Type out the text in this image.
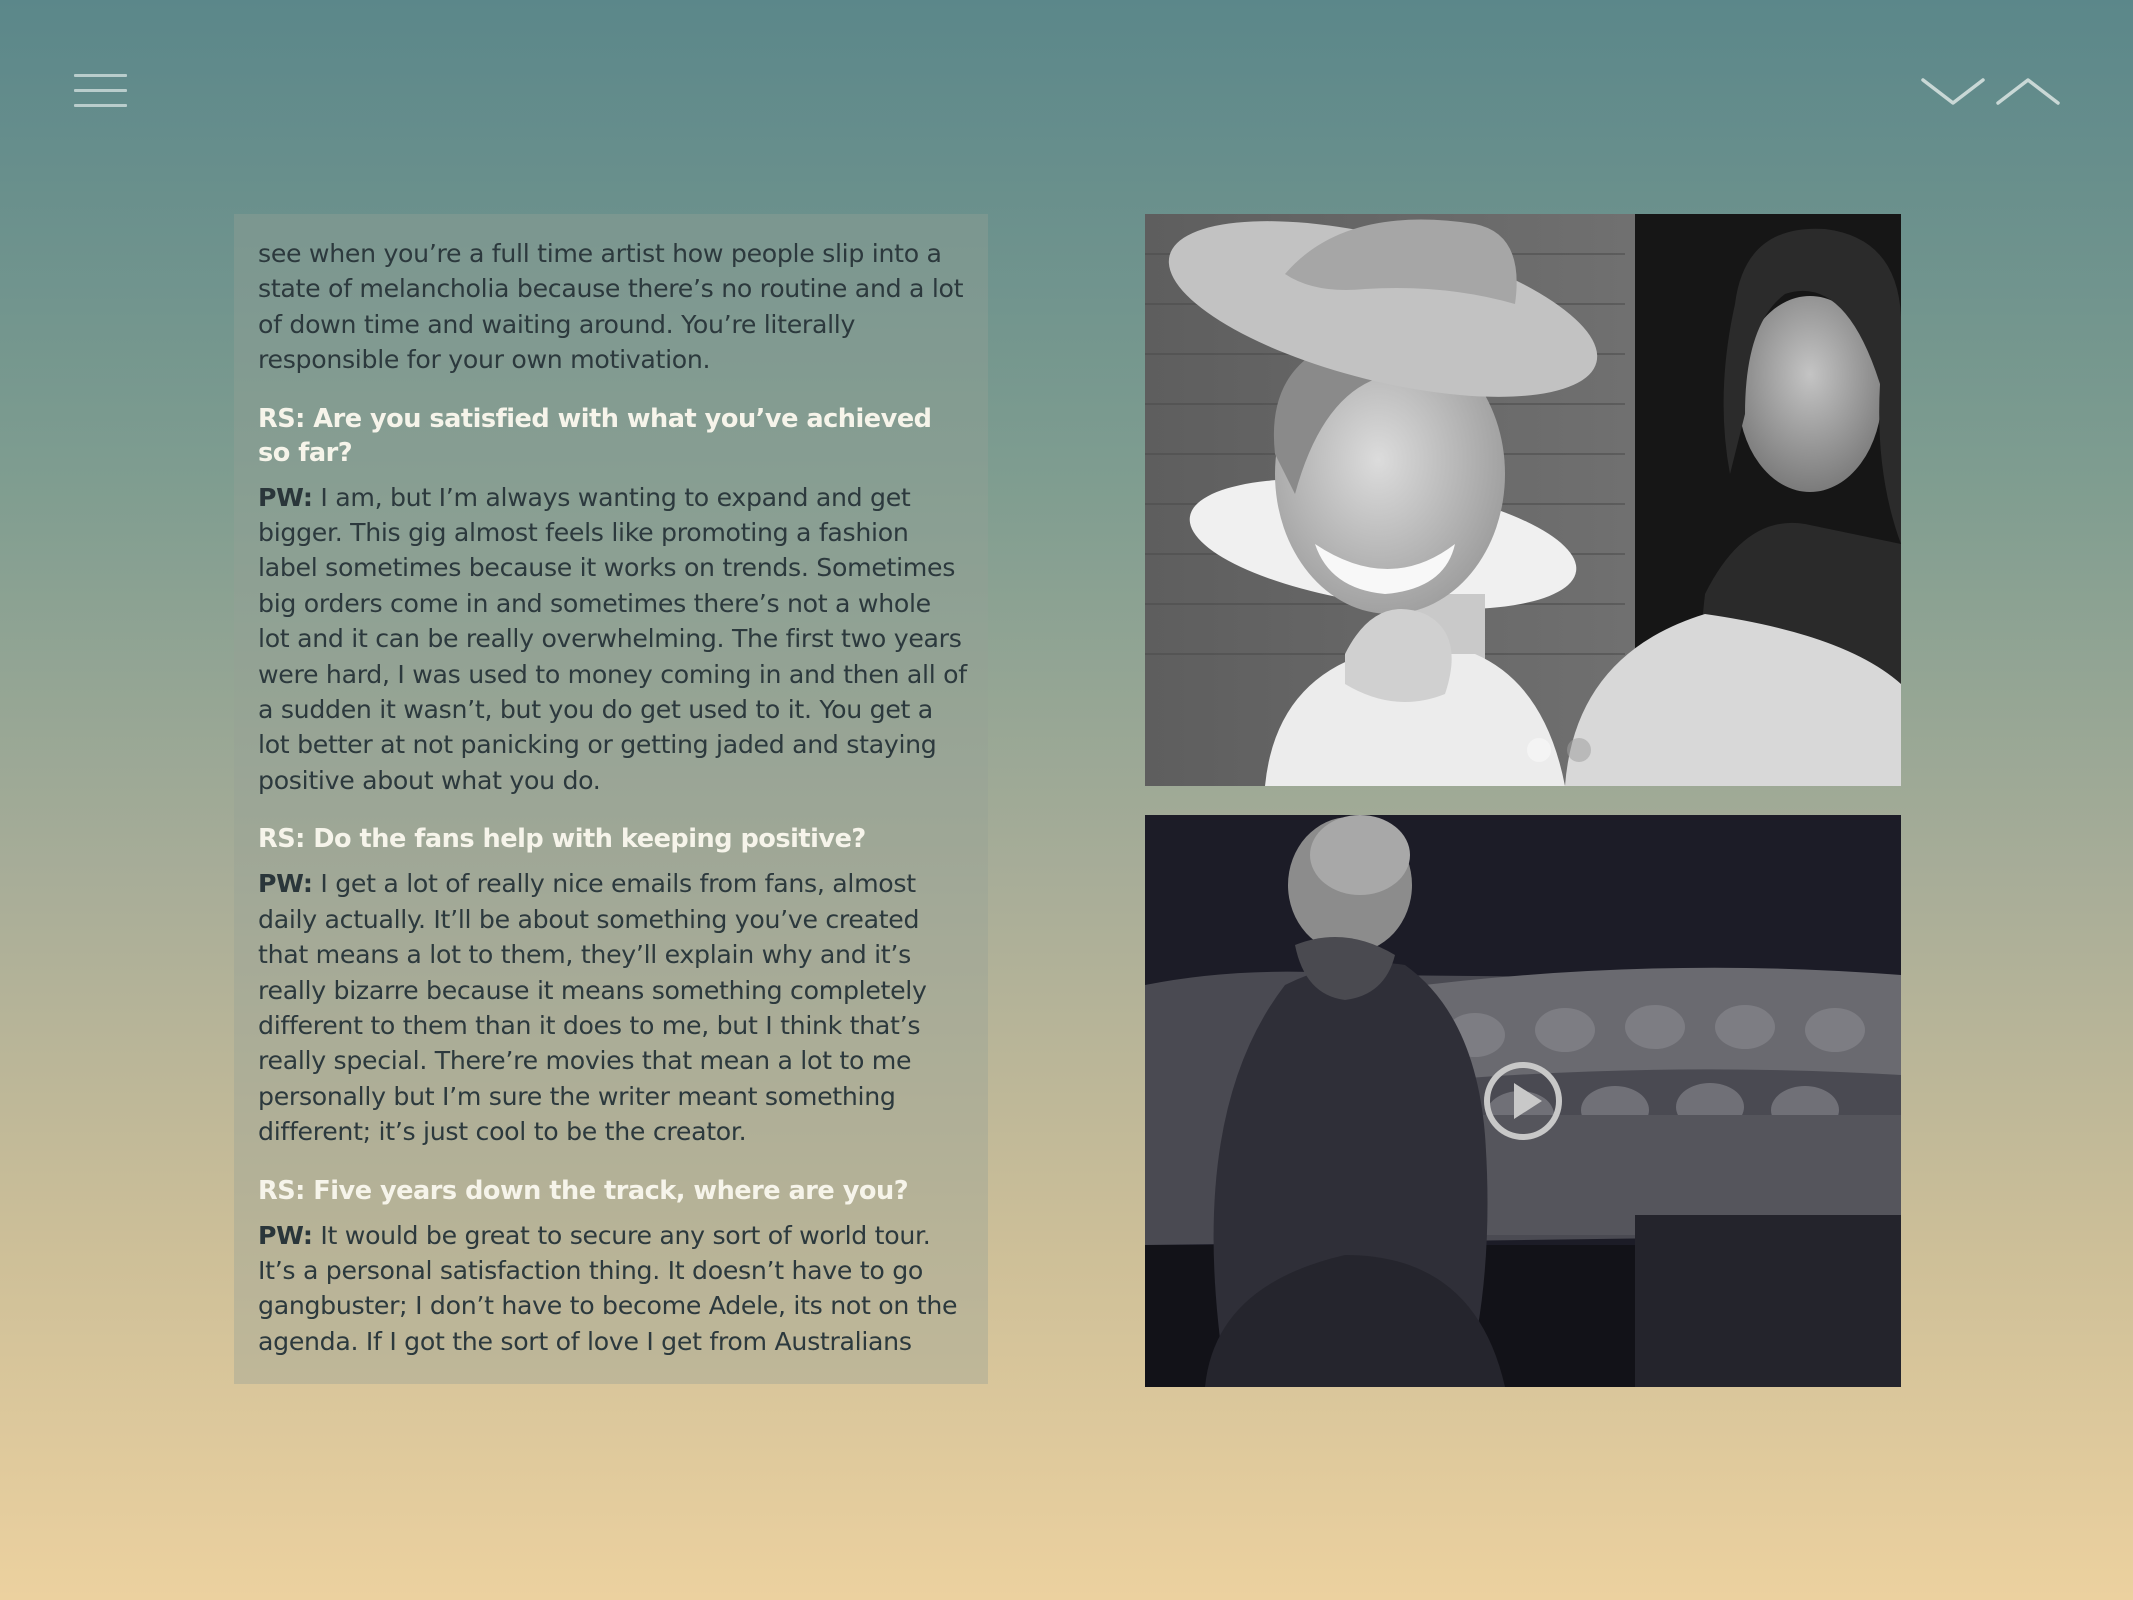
see when you’re a full time artist how people slip into a state of melancholia because there’s no routine and a lot of down time and waiting around. You’re literally responsible for your own motivation.

RS: Are you satisfied with what you’ve achieved so far?

PW: I am, but I’m always wanting to expand and get bigger. This gig almost feels like promoting a fashion label sometimes because it works on trends. Sometimes big orders come in and sometimes there’s not a whole lot and it can be really overwhelming. The first two years were hard, I was used to money coming in and then all of a sudden it wasn’t, but you do get used to it. You get a lot better at not panicking or getting jaded and staying positive about what you do.

RS: Do the fans help with keeping positive?

PW: I get a lot of really nice emails from fans, almost daily actually. It’ll be about something you’ve created that means a lot to them, they’ll explain why and it’s really bizarre because it means something completely different to them than it does to me, but I think that’s really special. There’re movies that mean a lot to me personally but I’m sure the writer meant something different; it’s just cool to be the creator.

RS: Five years down the track, where are you?

PW: It would be great to secure any sort of world tour. It’s a personal satisfaction thing. It doesn’t have to go gangbuster; I don’t have to become Adele, its not on the agenda. If I got the sort of love I get from Australians
